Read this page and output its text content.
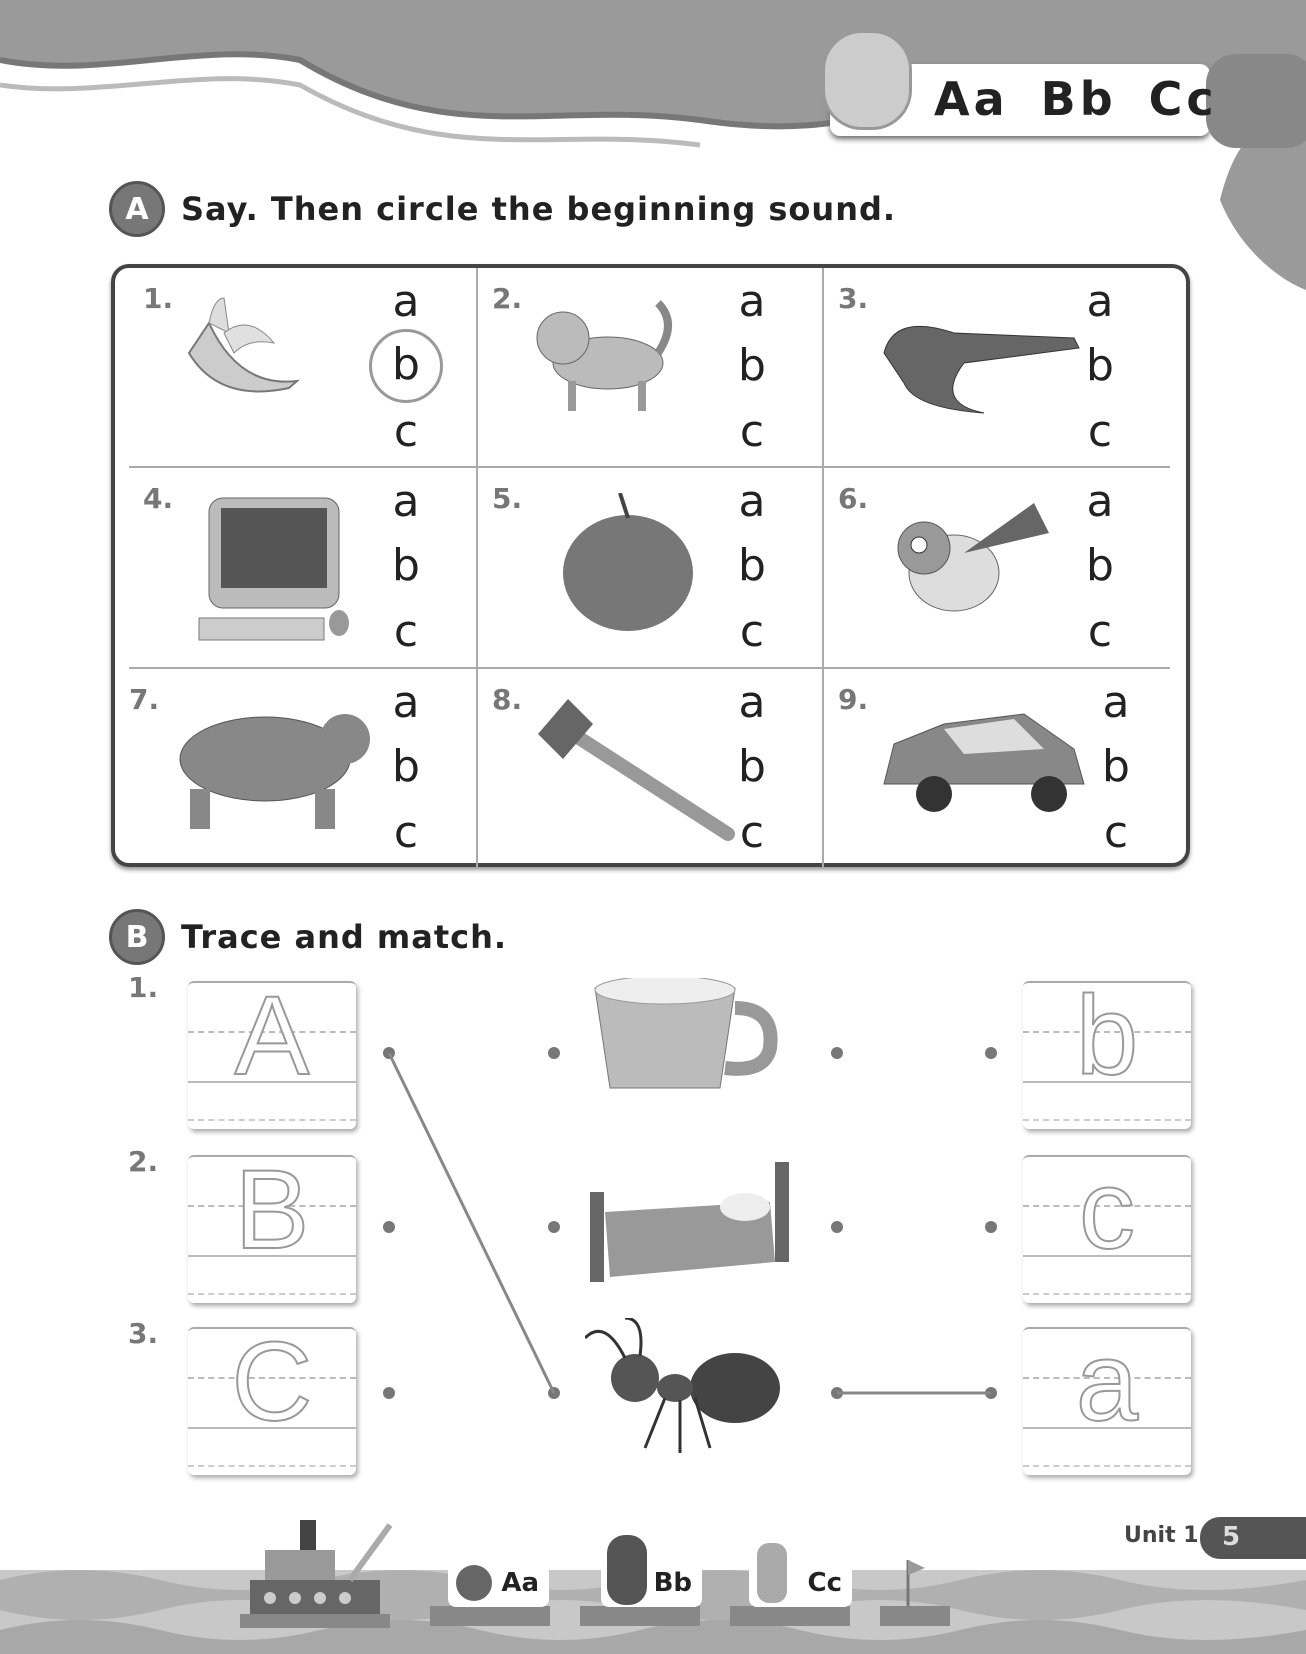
Aa Bb Cc
A	Say. Then circle the beginning sound.
1.	a
b
c
2.	a
b
c
3.	a
b
c
4.	a
b
c
5.	a
b
c
6.	a
b
c
7.	a
b
c
8.	a
b
c
9.	a
b
c
B	Trace and match.
1. A	b
2. B	c
3. C	a
Aa	Bb	Cc
Unit 1 5
